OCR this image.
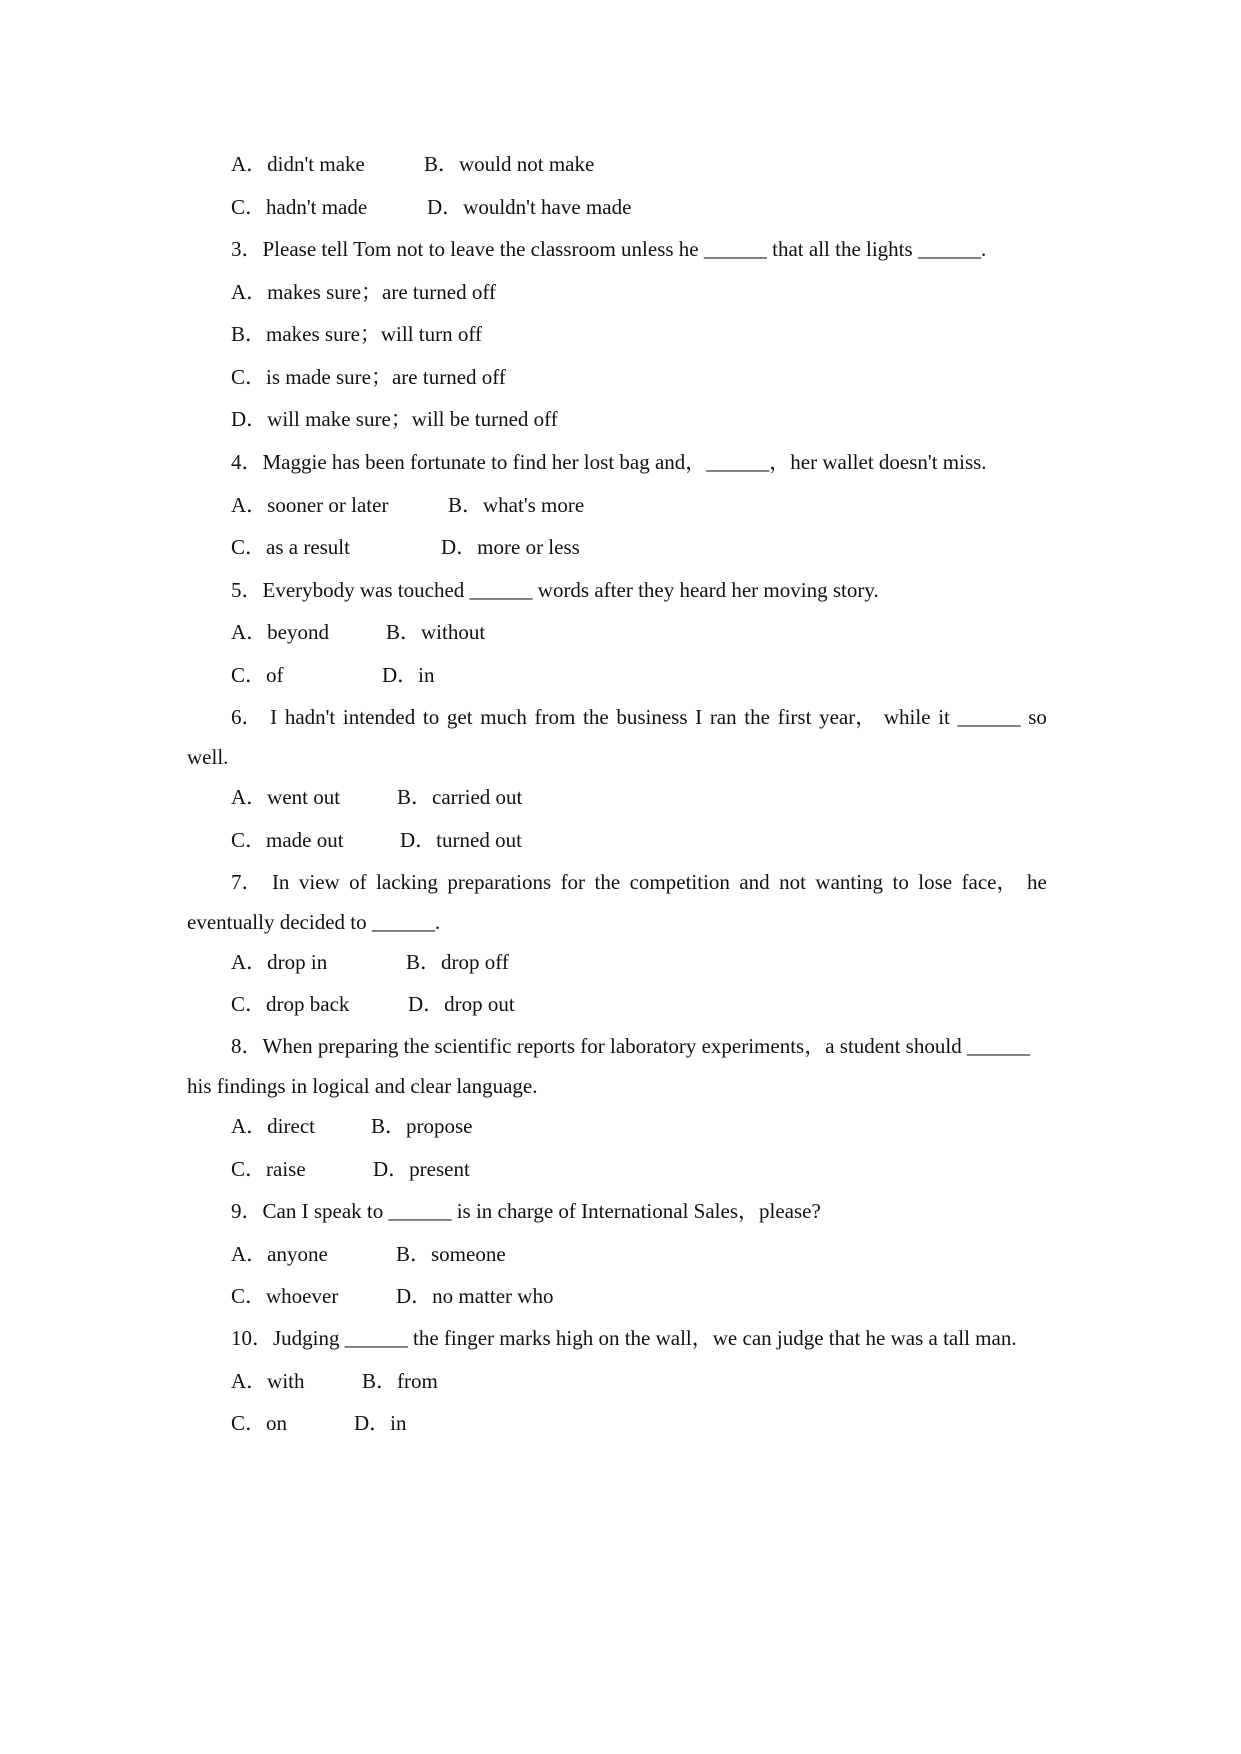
A．didn't make	B．would not make
C．hadn't made	D．wouldn't have made
3．Please tell Tom not to leave the classroom unless he ______ that all the lights ______.
A．makes sure；are turned off
B．makes sure；will turn off
C．is made sure；are turned off
D．will make sure；will be turned off
4．Maggie has been fortunate to find her lost bag and，______，her wallet doesn't miss.
A．sooner or later	B．what's more
C．as a result	D．more or less
5．Everybody was touched ______ words after they heard her moving story.
A．beyond	B．without
C．of	D．in
6． I hadn't intended to get much from the business I ran the first year， while it ______ so
well.
A．went out	B．carried out
C．made out	D．turned out
7． In view of lacking preparations for the competition and not wanting to lose face， he
eventually decided to ______.
A．drop in	B．drop off
C．drop back	D．drop out
8．When preparing the scientific reports for laboratory experiments，a student should ______
his findings in logical and clear language.
A．direct	B．propose
C．raise	D．present
9．Can I speak to ______ is in charge of International Sales，please?
A．anyone	B．someone
C．whoever	D．no matter who
10．Judging ______ the finger marks high on the wall，we can judge that he was a tall man.
A．with	B．from
C．on	D．in
